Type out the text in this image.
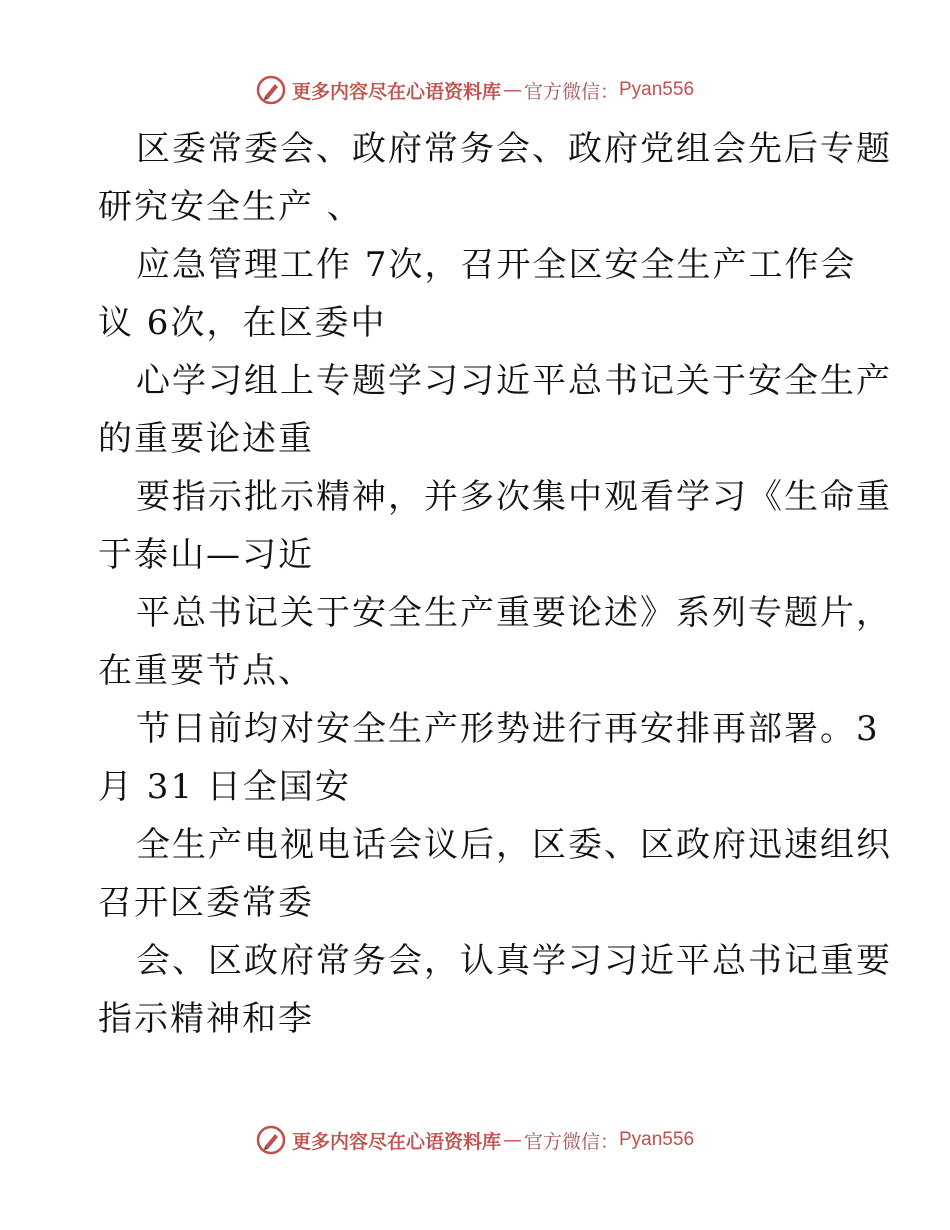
更多内容尽在心语资料库 — 官方微信： Pyan556
区委常委会、政府常务会、政府党组会先后专题
研究安全生产 、
应急管理工作 7次，召开全区安全生产工作会
议 6次，在区委中
心学习组上专题学习习近平总书记关于安全生产
的重要论述重
要指示批示精神，并多次集中观看学习《生命重
于泰山—习近
平总书记关于安全生产重要论述》系列专题片，
在重要节点、
节日前均对安全生产形势进行再安排再部署。3
月 31 日全国安
全生产电视电话会议后，区委、区政府迅速组织
召开区委常委
会、区政府常务会，认真学习习近平总书记重要
指示精神和李
更多内容尽在心语资料库 — 官方微信： Pyan556
